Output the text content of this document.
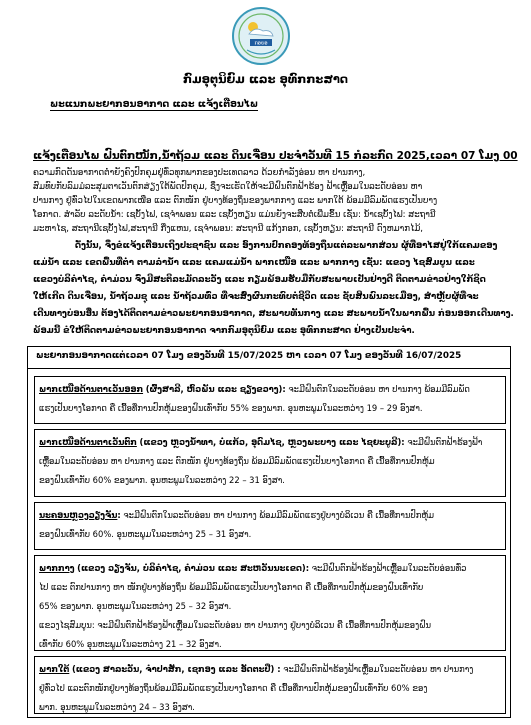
ກອຍອ
ກົມອຸຕຸນິຍົມ ແລະ ອຸທົກກະສາດ
ພະແນກພະຍາກອນອາກາດ ແລະ ແຈ້ງເຕືອນໄພ
ແຈ້ງເຕືອນໄພ ຝົນຕົກໜັກ,ນ້ຳຖ້ວມ ແລະ ດິນເຈື່ອນ ປະຈຳວັນທີ 15 ກໍລະກົດ 2025,ເວລາ 07 ໂມງ 00
ຄວາມກົດດັນອາກາດຕ່ຳຍັງຄົງປົກຄຸມຢູ່ທົ່ວທຸກພາກຂອງປະເທດລາວ ດ້ວຍກຳລັງອ່ອນ ຫາ ປານກາງ,
ສົມທົບກັບລົມມໍລະສຸມຕາເວັນຕົກສ່ຽງໃຕ້ພັດປົກຄຸມ, ຊຶ່ງຈະເຮັດໃຫ້ຈະມີຝົນຕົກຟ້າຮ້ອງ ຟ້າເຫຼື້ອມໃນລະດັບອ່ອນ ຫາ
ປານກາງ ຢູ່ທົ່ວໄປໃນເຂດພາກເໜືອ ແລະ ຕົກໜັກ ຢູ່ບາງທ້ອງຖິ່ນຂອງພາກກາງ ແລະ ພາກໃຕ້ ພ້ອມມີລົມພັດແຮງເປັນບາງ
ໂອກາດ. ສຳລັບ ລະດັບນ້ຳ: ເຊບັ້ງໄຟ, ເຊຈຳພອນ ແລະ ເຊບັ້ງຫຽນ ແມ່ນຍັງຈະສືບຕໍ່ເພີ່ມຂຶ້ນ ເຊັ່ນ: ນ້ຳເຊບັ້ງໄຟ: ສະຖານີ
ມະຫາໄຊ, ສະຖານີເຊບັ້ງໄຟ,ສະຖານີ ກີ່ງແຫນ, ເຊຈຳພອນ: ສະຖານີ ແກ້ງກອກ, ເຊບັ້ງຫຽນ: ສະຖານີ ດົງຫມາກໄມ້,
ດັ່ງນັ້ນ, ຈຶ່ງຂໍແຈ້ງເຕືອນເຖິງປະຊາຊົນ ແລະ ອົງການປົກຄອງທ້ອງຖິ່ນແຕ່ລະພາກສ່ວນ ຜູ້ທີ່ອາໄສຢູ່ໃກ້ແຄມຂອງ
ແມ່ນ້ຳ ແລະ ເຂດພື້ນທີ່ຕ່ຳ ຕາມລຳນ້ຳ ແລະ ແຄມແມ່ນ້ຳ ພາກເໜືອ ແລະ ພາກກາງ ເຊັ່ນ: ແຂວງ ໄຊສົມບູນ ແລະ
ແຂວງບໍລິຄຳໄຊ, ຄຳມ່ວນ ຈົ່ງມີສະຕິລະມັດລະວັງ ແລະ ກຽມພ້ອມຮັບມືກັບສະພາບເປັນຢ່າງດີ ຕິດຕາມຂ່າວຢ່າງໃກ້ຊິດ
ໃຫ້ເກີດ ດິນເຈື່ອນ, ນ້ຳຖ້ວມຊຸ ແລະ ນ້ຳຖ້ວມທົ່ວ ທີ່ຈະສົ່ງຜົນກະທົບຕໍ່ຊີວິດ ແລະ ຊັບສິນພົນລະເມືອງ, ສຳຫຼັບຜູ້ທີ່ຈະ
ເດີນທາງບ່ອນອື່ນ ຕ້ອງໄດ້ຕິດຕາມຂ່າວພະຍາກອນອາກາດ, ສະພາບທັນກາງ ແລະ ສະພາບນ້ຳໃນພາກພື້ນ ກ່ອນອອກເດີນທາງ.
ພ້ອມນີ້ ຂໍໃຫ້ຕິດຕາມຂ່າວພະຍາກອນອາກາດ ຈາກກົມອຸຕຸນິຍົມ ແລະ ອຸທົກກະສາດ ຢ່າງເປັນປະຈຳ.
ພະຍາກອນອາກາດແຕ່ເວລາ 07 ໂມງ ຂອງວັນທີ 15/07/2025 ຫາ ເວລາ 07 ໂມງ ຂອງວັນທີ 16/07/2025
ພາກເໜືອດ້ານຕາເວັນອອກ (ຜົ້ງສາລີ, ຫົວພັນ ແລະ ຊຽງຂວາງ): ຈະມີຝົນຕົກໃນລະດັບອ່ອນ ຫາ ປານກາງ ພ້ອມມີລົມພັດ
ແຮງເປັນບາງໂອກາດ ຄື ເນື້ອທີ່ການປົກຫຸ້ມຂອງຝົນເທົ່າກັບ 55% ຂອງພາກ. ອຸນຫະພູມໃນລະຫວ່າງ 19 – 29 ອົງສາ.
ພາກເໜືອດ້ານຕາເວັນຕົກ (ແຂວງ ຫຼວງນ້ຳທາ, ບໍ່ແກ້ວ, ອຸດົມໄຊ, ຫຼວງພະບາງ ແລະ ໄຊຍະບູລີ): ຈະມີຝົນຕົກຟ້າຮ້ອງຟ້າ
ເຫຼື້ອມໃນລະດັບອ່ອນ ຫາ ປານກາງ ແລະ ຕົກໜັກ ຢູ່ບາງທ້ອງຖິ່ນ ພ້ອມມີລົມພັດແຮງເປັນບາງໂອກາດ ຄື ເນື້ອທີ່ການປົກຫຸ້ມ
ຂອງຝົນເທົ່າກັບ 60% ຂອງພາກ. ອຸນຫະພູມໃນລະຫວ່າງ 22 – 31 ອົງສາ.
ນະຄອນຫຼວງວຽງຈັນ: ຈະມີຝົນຕົກໃນລະດັບອ່ອນ ຫາ ປານກາງ ພ້ອມມີລົມພັດແຮງຢູ່ບາງບໍລິເວນ ຄື ເນື້ອທີ່ການປົກຫຸ້ມ
ຂອງຝົນເທົ່າກັບ 60%. ອຸນຫະພູມໃນລະຫວ່າງ 25 – 31 ອົງສາ.
ພາກກາງ (ແຂວງ ວຽງຈັນ, ບໍລິຄຳໄຊ, ຄຳມ່ວນ ແລະ ສະຫວັນນະເຂດ): ຈະມີຝົນຕົກຟ້າຮ້ອງຟ້າເຫຼື້ອມໃນລະດັບອ່ອນທົ່ວ
ໄປ ແລະ ຕົກປານກາງ ຫາ ໜັກຢູ່ບາງທ້ອງຖິ່ນ ພ້ອມມີລົມພັດແຮງເປັນບາງໂອກາດ ຄື ເນື້ອທີ່ການປົກຫຸ້ມຂອງຝົນເທົ່າກັບ
65% ຂອງພາກ. ອຸນຫະພູມໃນລະຫວ່າງ 25 – 32 ອົງສາ.
ແຂວງໄຊສົມບູນ: ຈະມີຝົນຕົກຟ້າຮ້ອງຟ້າເຫຼື້ອມໃນລະດັບອ່ອນ ຫາ ປານກາງ ຢູ່ບາງບໍລິເວນ ຄື ເນື້ອທີ່ການປົກຫຸ້ມຂອງຝົນ
ເທົ່າກັບ 60% ອຸນຫະພູມໃນລະຫວ່າງ 21 – 32 ອົງສາ.
ພາກໃຕ້ (ແຂວງ ສາລະວັນ, ຈຳປາສັກ, ເຊກອງ ແລະ ອັດຕະປື) : ຈະມີຝົນຕົກຟ້າຮ້ອງຟ້າເຫຼື້ອມໃນລະດັບອ່ອນ ຫາ ປານກາງ
ຢູ່ທົ່ວໄປ ແລະຕົກໜັກຢູ່ບາງທ້ອງຖິ່ນພ້ອມມີລົມພັດແຮງເປັນບາງໂອກາດ ຄື ເນື້ອທີ່ການປົກຫຸ້ມຂອງຝົນເທົ່າກັບ 60% ຂອງ
ພາກ. ອຸນຫະພູມໃນລະຫວ່າງ 24 – 33 ອົງສາ.
